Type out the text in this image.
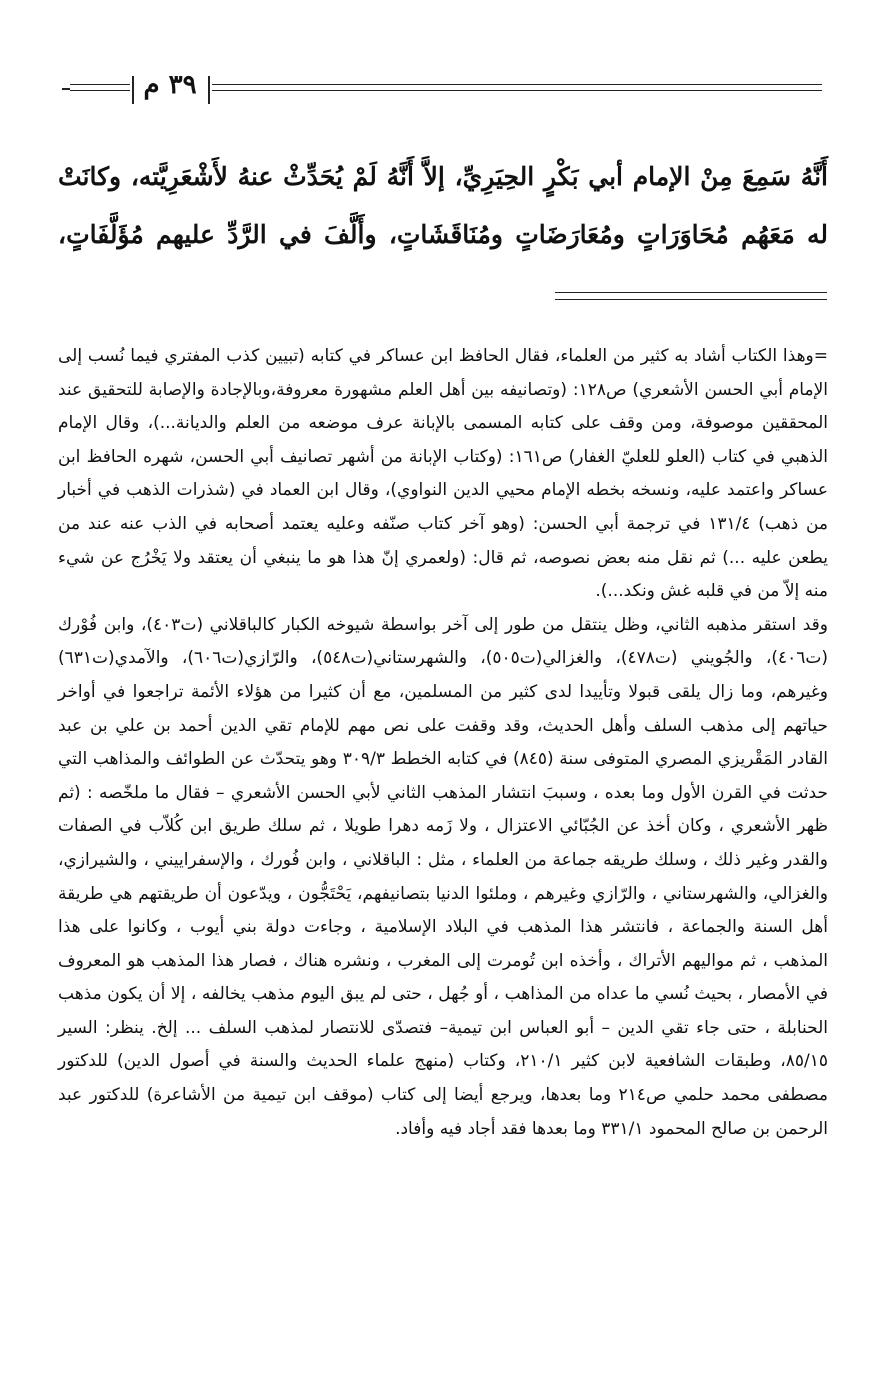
٣٩ م

أَنَّهُ سَمِعَ مِنْ الإمام أبي بَكْرٍ الحِيَرِيِّ، إلاَّ أَنَّهُ لَمْ يُحَدِّثْ عنهُ لأَشْعَرِيَّته، وكانَتْ له مَعَهُم مُحَاوَرَاتٍ ومُعَارَضَاتٍ ومُنَاقَشَاتٍ، وأَلَّفَ في الرَّدِّ عليهم مُؤَلَّفَاتٍ،

=وهذا الكتاب أشاد به كثير من العلماء، فقال الحافظ ابن عساكر في كتابه (تبيين كذب المفتري فيما نُسب إلى الإمام أبي الحسن الأشعري) ص١٢٨: (وتصانيفه بين أهل العلم مشهورة معروفة،وبالإجادة والإصابة للتحقيق عند المحققين موصوفة، ومن وقف على كتابه المسمى بالإبانة عرف موضعه من العلم والديانة...)، وقال الإمام الذهبي في كتاب (العلو للعليّ الغفار) ص١٦١: (وكتاب الإبانة من أشهر تصانيف أبي الحسن، شهره الحافظ ابن عساكر واعتمد عليه، ونسخه بخطه الإمام محيي الدين النواوي)، وقال ابن العماد في (شذرات الذهب في أخبار من ذهب) ١٣١/٤ في ترجمة أبي الحسن: (وهو آخر كتاب صنّفه وعليه يعتمد أصحابه في الذب عنه عند من يطعن عليه ...) ثم نقل منه بعض نصوصه، ثم قال: (ولعمري إنّ هذا هو ما ينبغي أن يعتقد ولا يَخْرُج عن شيء منه إلاّ من في قلبه غش ونكد...).

وقد استقر مذهبه الثاني، وظل ينتقل من طور إلى آخر بواسطة شيوخه الكبار كالباقلاني (ت٤٠٣)، وابن فُوْرك (ت٤٠٦)، والجُويني (ت٤٧٨)، والغزالي(ت٥٠٥)، والشهرستاني(ت٥٤٨)، والرّازي(ت٦٠٦)، والآمدي(ت٦٣١) وغيرهم، وما زال يلقى قبولا وتأييدا لدى كثير من المسلمين، مع أن كثيرا من هؤلاء الأئمة تراجعوا في أواخر حياتهم إلى مذهب السلف وأهل الحديث، وقد وقفت على نص مهم للإمام تقي الدين أحمد بن علي بن عبد القادر المَقْريزي المصري المتوفى سنة (٨٤٥) في كتابه الخطط ٣٠٩/٣ وهو يتحدّث عن الطوائف والمذاهب التي حدثت في القرن الأول وما بعده ، وسببَ انتشار المذهب الثاني لأبي الحسن الأشعري – فقال ما ملخّصه : (ثم ظهر الأشعري ، وكان أخذ عن الجُبّائي الاعتزال ، ولا زَمه دهرا طويلا ، ثم سلك طريق ابن كُلاّب في الصفات والقدر وغير ذلك ، وسلك طريقه جماعة من العلماء ، مثل : الباقلاني ، وابن فُورك ، والإسفراييني ، والشيرازي، والغزالي، والشهرستاني ، والرّازي وغيرهم ، وملئوا الدنيا بتصانيفهم، يَحْتَجُّون ، ويدّعون أن طريقتهم هي طريقة أهل السنة والجماعة ، فانتشر هذا المذهب في البلاد الإسلامية ، وجاءت دولة بني أيوب ، وكانوا على هذا المذهب ، ثم مواليهم الأتراك ، وأخذه ابن تُومرت إلى المغرب ، ونشره هناك ، فصار هذا المذهب هو المعروف في الأمصار ، بحيث نُسي ما عداه من المذاهب ، أو جُهل ، حتى لم يبق اليوم مذهب يخالفه ، إلا أن يكون مذهب الحنابلة ، حتى جاء تقي الدين – أبو العباس ابن تيمية– فتصدّى للانتصار لمذهب السلف ... إلخ. ينظر: السير ٨٥/١٥، وطبقات الشافعية لابن كثير ٢١٠/١، وكتاب (منهج علماء الحديث والسنة في أصول الدين) للدكتور مصطفى محمد حلمي ص٢١٤ وما بعدها، ويرجع أيضا إلى كتاب (موقف ابن تيمية من الأشاعرة) للدكتور عبد الرحمن بن صالح المحمود ٣٣١/١ وما بعدها فقد أجاد فيه وأفاد.
